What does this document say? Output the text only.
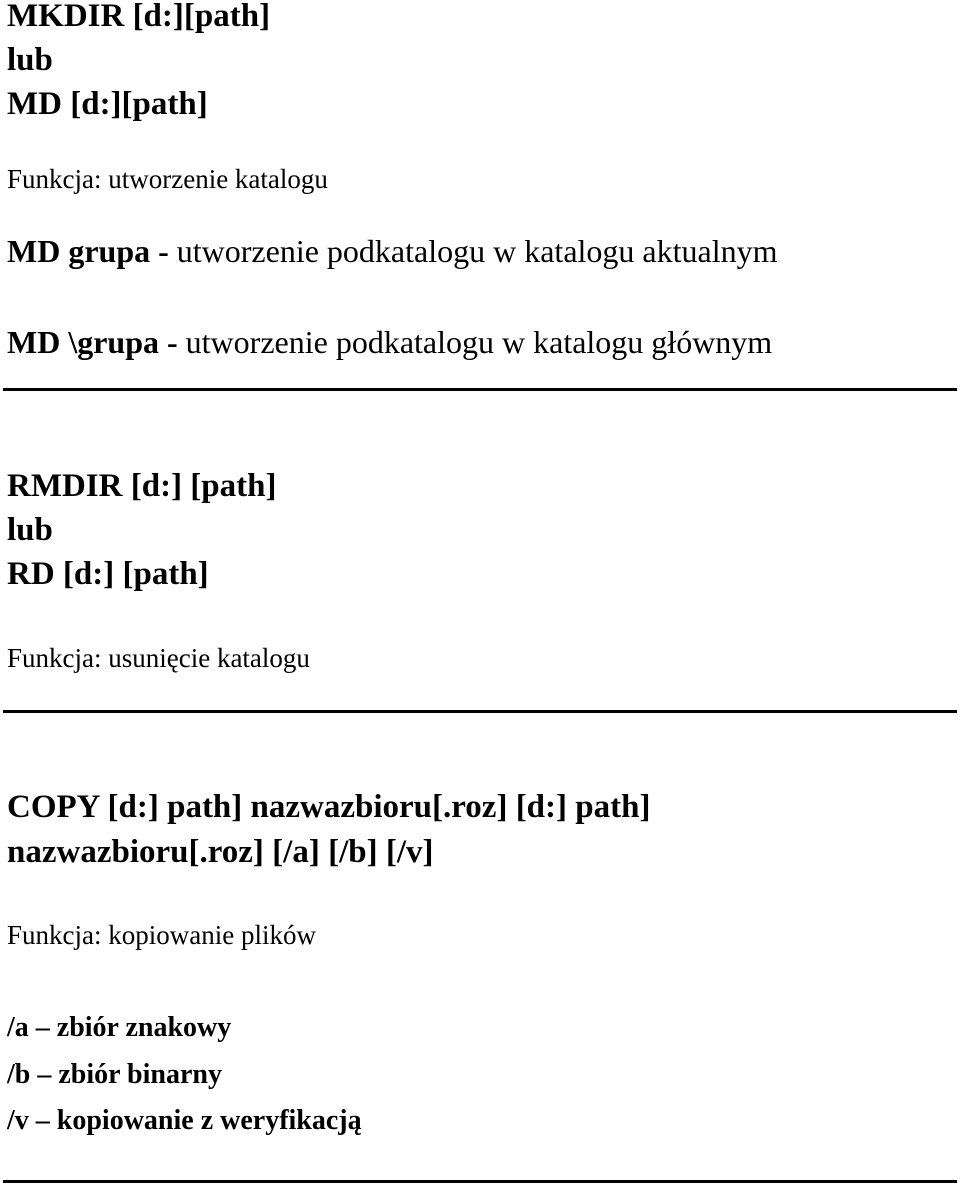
MKDIR [d:][path]
lub
MD [d:][path]
Funkcja: utworzenie katalogu
MD grupa - utworzenie podkatalogu w katalogu aktualnym
MD \grupa - utworzenie podkatalogu w katalogu głównym
RMDIR [d:] [path]
lub
RD [d:] [path]
Funkcja: usunięcie katalogu
COPY [d:] path] nazwazbioru[.roz] [d:] path]
nazwazbioru[.roz] [/a] [/b] [/v]
Funkcja: kopiowanie plików
/a – zbiór znakowy
/b – zbiór binarny
/v – kopiowanie z weryfikacją
